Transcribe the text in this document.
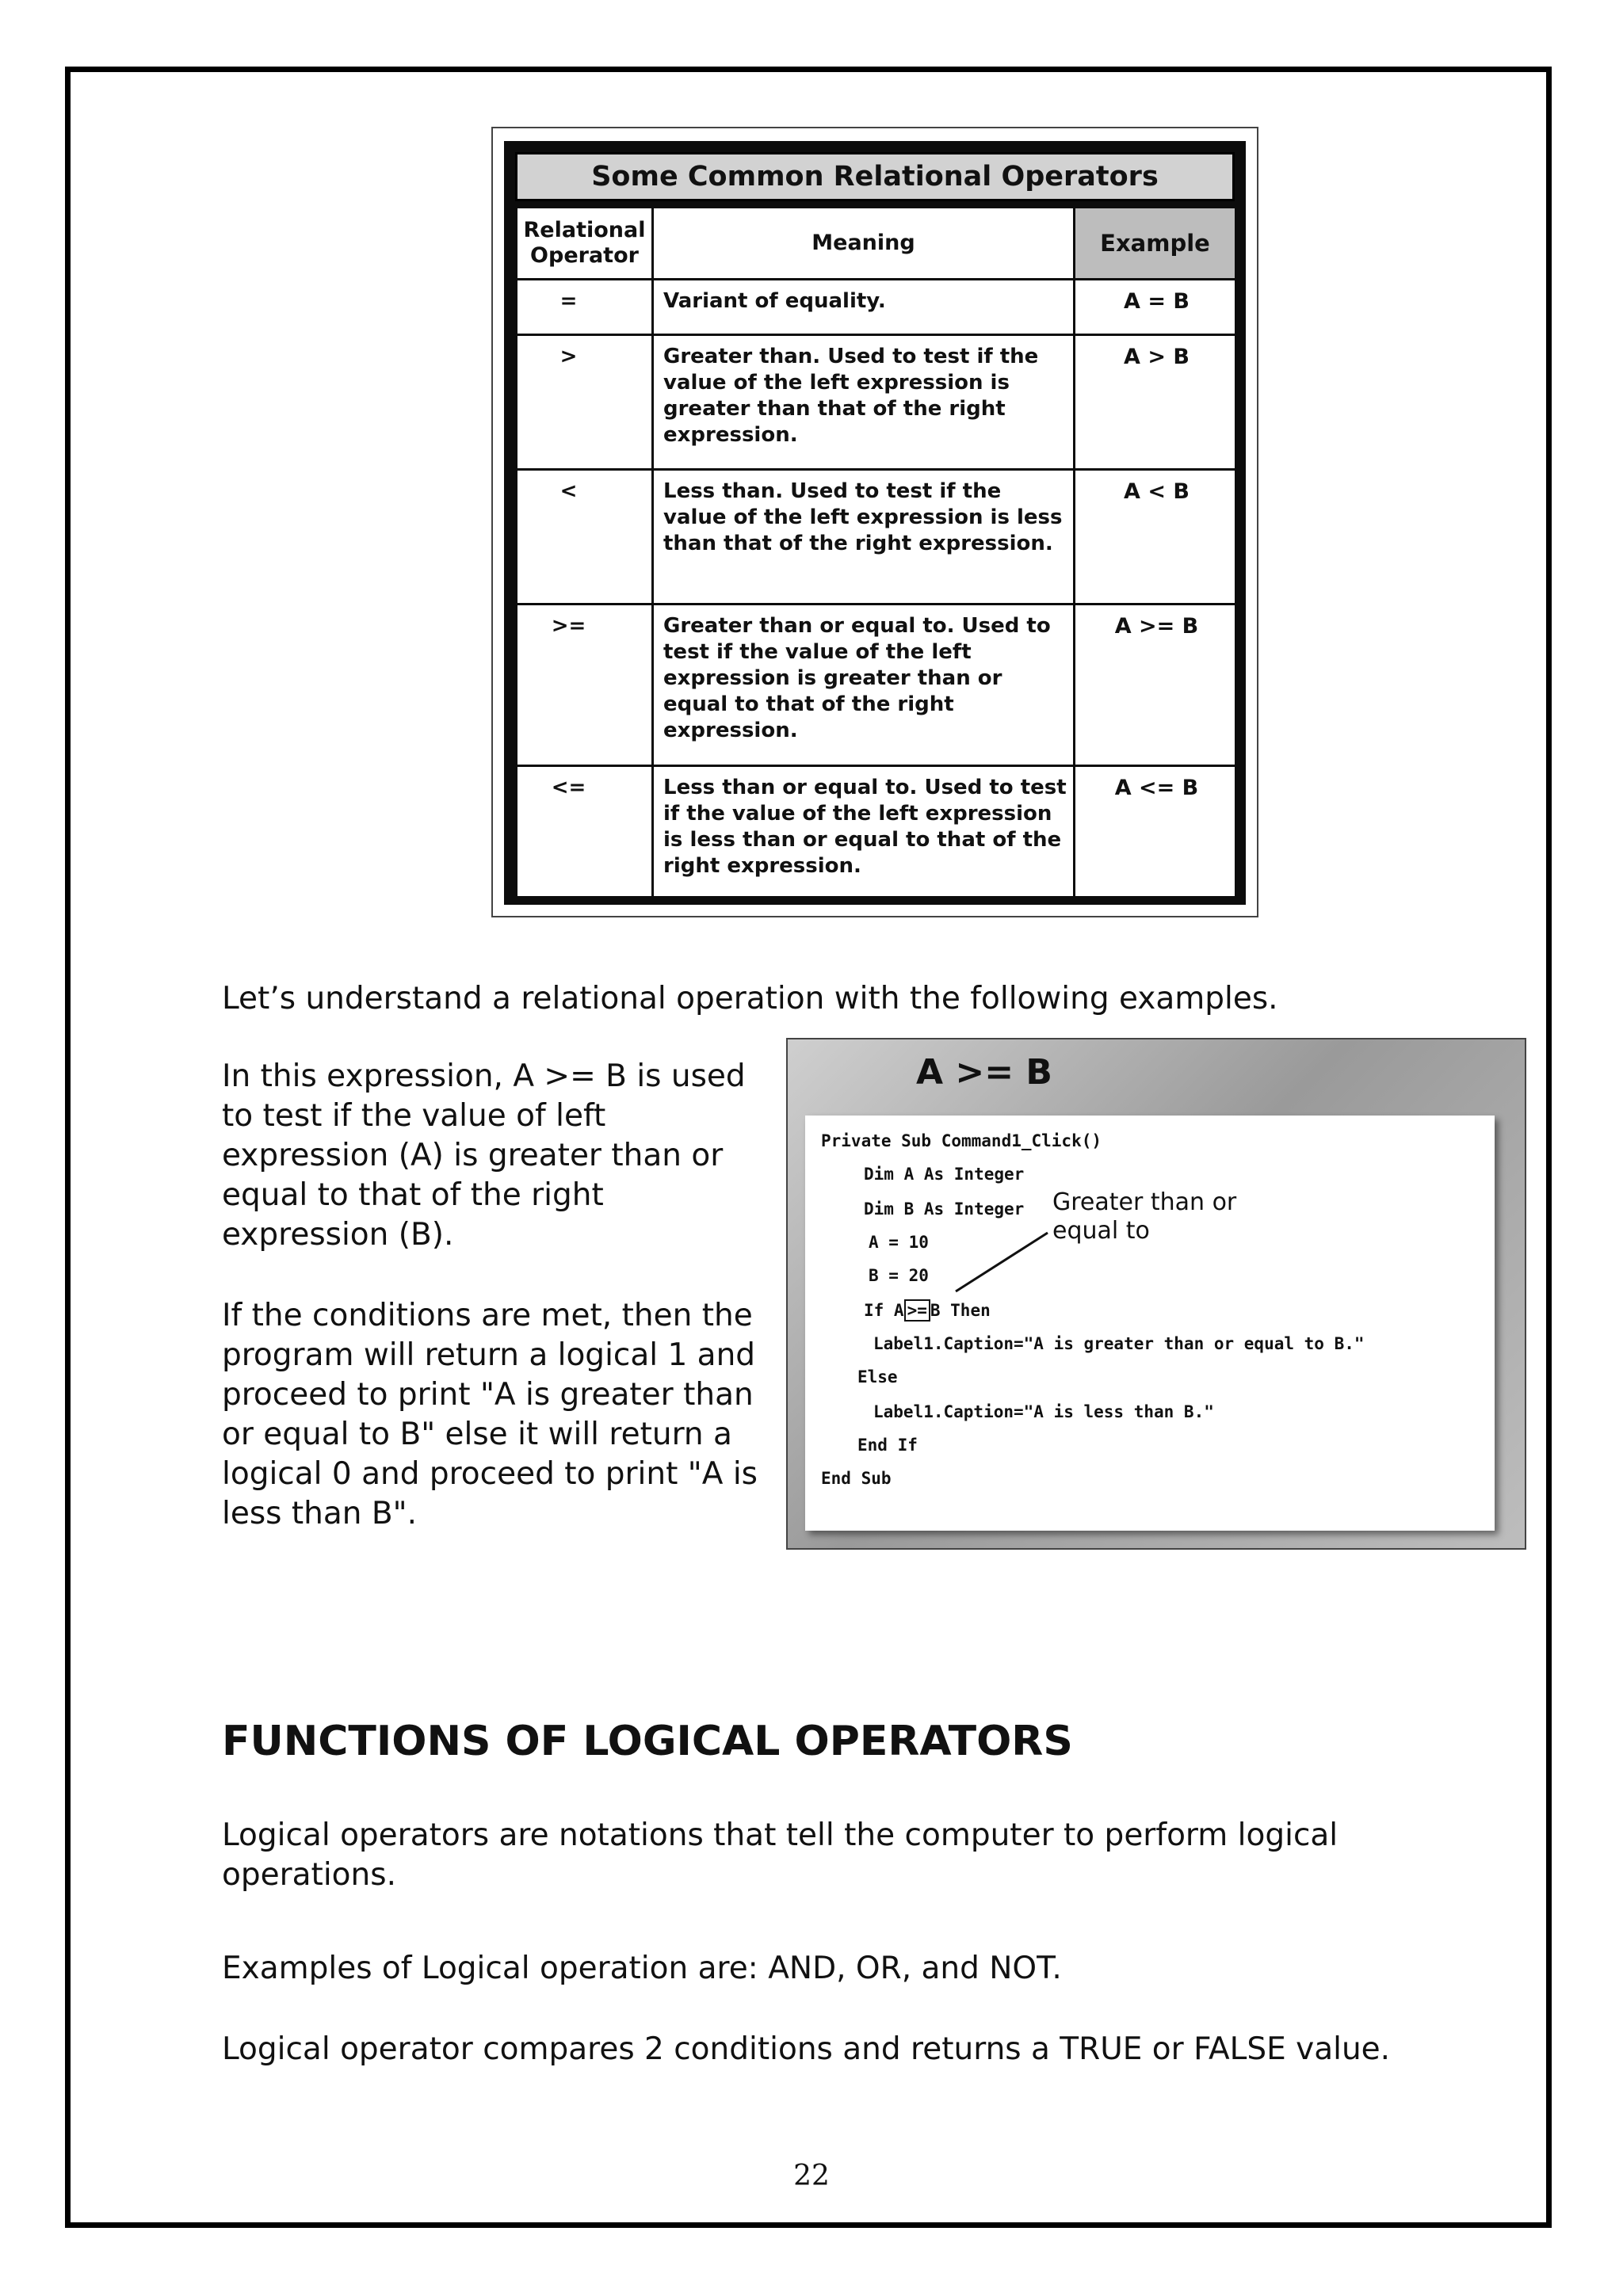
Some Common Relational Operators
Relational Operator	Meaning	Example
=	Variant of equality.	A = B
>	Greater than. Used to test if the value of the left expression is greater than that of the right expression.	A > B
<	Less than. Used to test if the value of the left expression is less than that of the right expression.	A < B
>=	Greater than or equal to. Used to test if the value of the left expression is greater than or equal to that of the right expression.	A >= B
<=	Less than or equal to. Used to test if the value of the left expression is less than or equal to that of the right expression.	A <= B

Let’s understand a relational operation with the following examples.

In this expression, A >= B is used to test if the value of left expression (A) is greater than or equal to that of the right expression (B).

If the conditions are met, then the program will return a logical 1 and proceed to print "A is greater than or equal to B" else it will return a logical 0 and proceed to print "A is less than B".

A >= B
Private Sub Command1_Click()
Dim A As Integer
Dim B As Integer
A = 10
B = 20
If A >= B Then
Label1.Caption="A is greater than or equal to B."
Else
Label1.Caption="A is less than B."
End If
End Sub
Greater than or equal to
FUNCTIONS OF LOGICAL OPERATORS

Logical operators are notations that tell the computer to perform logical operations.

Examples of Logical operation are: AND, OR, and NOT.

Logical operator compares 2 conditions and returns a TRUE or FALSE value.

22
